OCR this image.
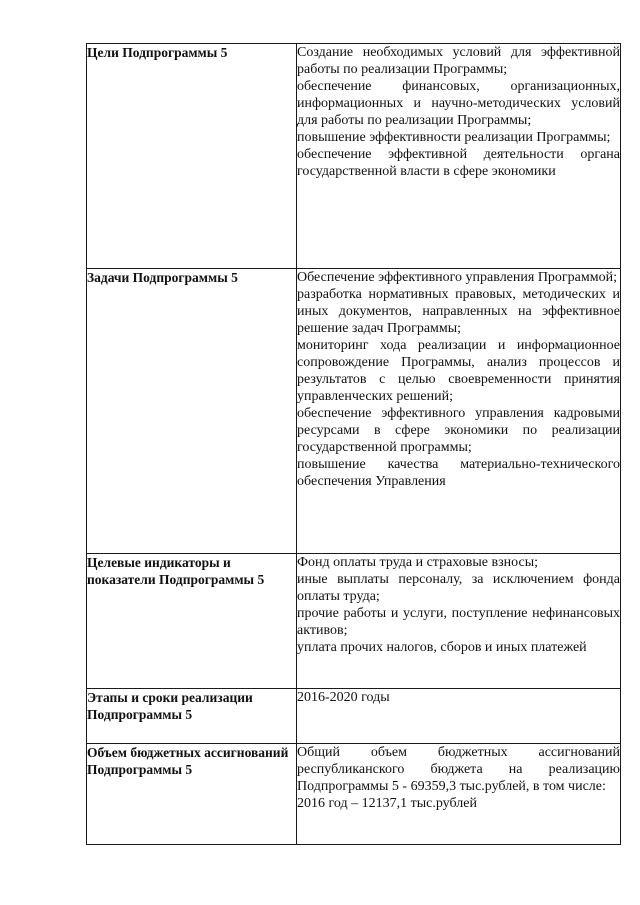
Цели Подпрограммы 5	Создание необходимых условий для эффективной работы по реализации Программы;

обеспечение финансовых, организационных, информационных и научно-методических условий для работы по реализации Программы;

повышение эффективности реализации Программы;

обеспечение эффективной деятельности органа государственной власти в сфере экономики

Задачи Подпрограммы 5	Обеспечение эффективного управления Программой;

разработка нормативных правовых, методических и иных документов, направленных на эффективное решение задач Программы;

мониторинг хода реализации и информационное сопровождение Программы, анализ процессов и результатов с целью своевременности принятия управленческих решений;

обеспечение эффективного управления кадровыми ресурсами в сфере экономики по реализации государственной программы;

повышение качества материально-технического обеспечения Управления

Целевые индикаторы и показатели Подпрограммы 5	Фонд оплаты труда и страховые взносы;

иные выплаты персоналу, за исключением фонда оплаты труда;

прочие работы и услуги, поступление нефинансовых активов;

уплата прочих налогов, сборов и иных платежей

Этапы и сроки реализации Подпрограммы 5	2016-2020 годы

Объем бюджетных ассигнований Подпрограммы 5	Общий объем бюджетных ассигнований республиканского бюджета на реализацию Подпрограммы 5 - 69359,3 тыс.рублей, в том числе:

2016 год – 12137,1 тыс.рублей
